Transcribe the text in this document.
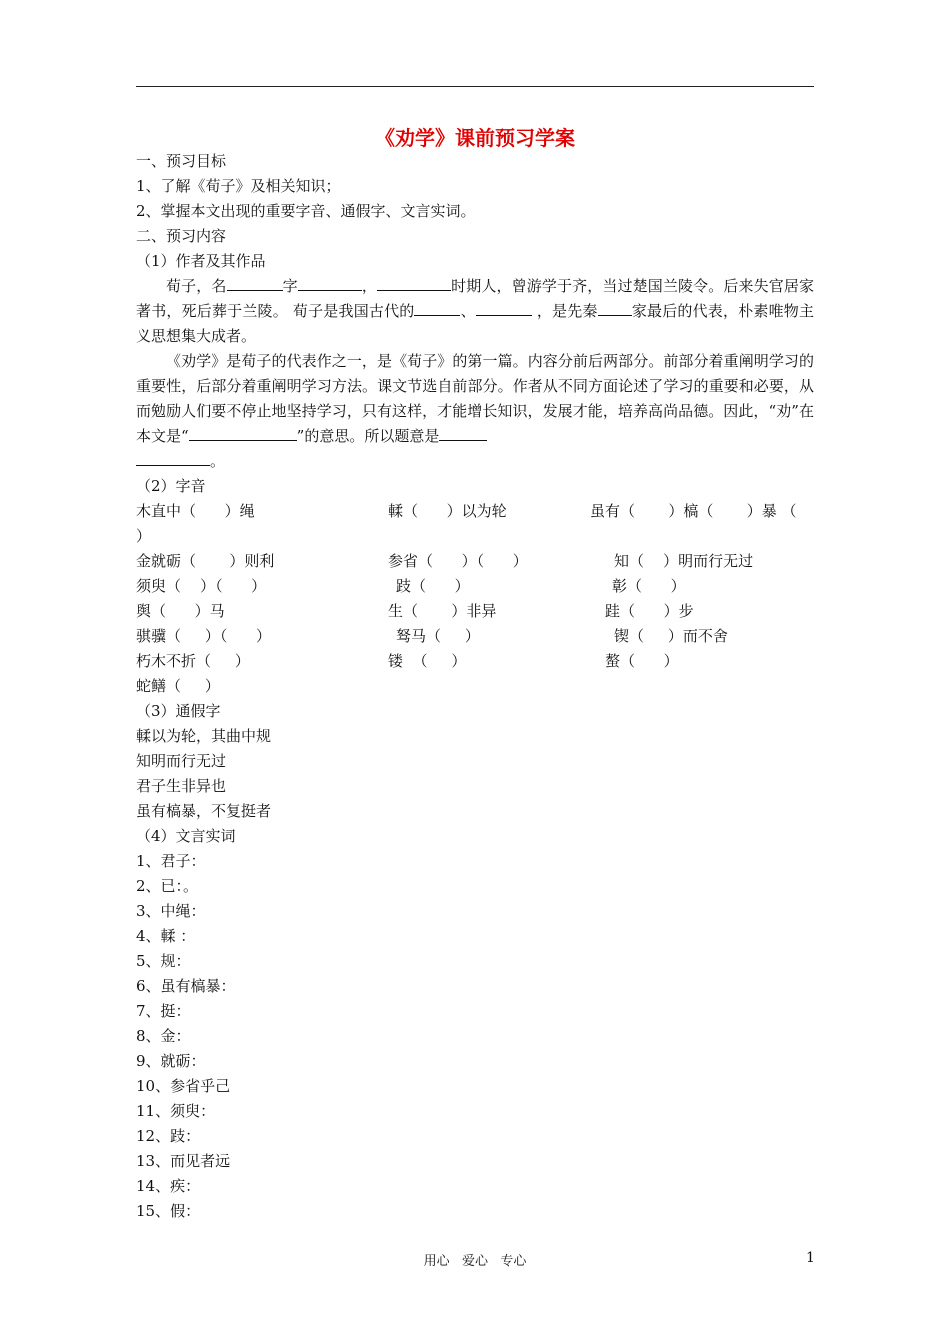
《劝学》课前预习学案
一、预习目标
1、了解《荀子》及相关知识；
2、掌握本文出现的重要字音、通假字、文言实词。
二、预习内容
（1）作者及其作品
荀子，名	字	，	时期人，曾游学于齐，当过楚国兰陵令。后来失官居家著书，死后葬于兰陵。 荀子是我国古代的	、	，是先秦 家最后的代表，朴素唯物主义思想集大成者。
《劝学》是荀子的代表作之一，是《荀子》的第一篇。内容分前后两部分。前部分着重阐明学习的重要性，后部分着重阐明学习方法。课文节选自前部分。作者从不同方面论述了学习的重要和必要，从而勉励人们要不停止地坚持学习，只有这样，才能增长知识，发展才能，培养高尚品德。因此，“劝”在本文是“	”的意思。所以题意是
。
（2）字音
木直中（      ）绳	輮（      ）以为轮	虽有（       ）槁（       ）暴 （
）
金就砺（       ）则利	参省（      ）（      ）	知（    ）明而行无过
须臾（    ）（      ）	跂（      ）	彰（      ）
舆（      ）马	生（       ）非异	跬（      ）步
骐骥（     ）（      ）	驽马（     ）	锲（     ）而不舍
朽木不折（     ）	镂  （     ）	螯（      ）
蛇鳝（     ）
（3）通假字
輮以为轮，其曲中规
知明而行无过
君子生非异也
虽有槁暴，不复挺者
（4）文言实词
1、君子：
2、已：。
3、中绳：
4、輮 ：
5、规：
6、虽有槁暴：
7、挺：
8、金：
9、就砺：
10、参省乎己
11、须臾：
12、跂：
13、而见者远
14、疾：
15、假：
用心   爱心   专心	1
